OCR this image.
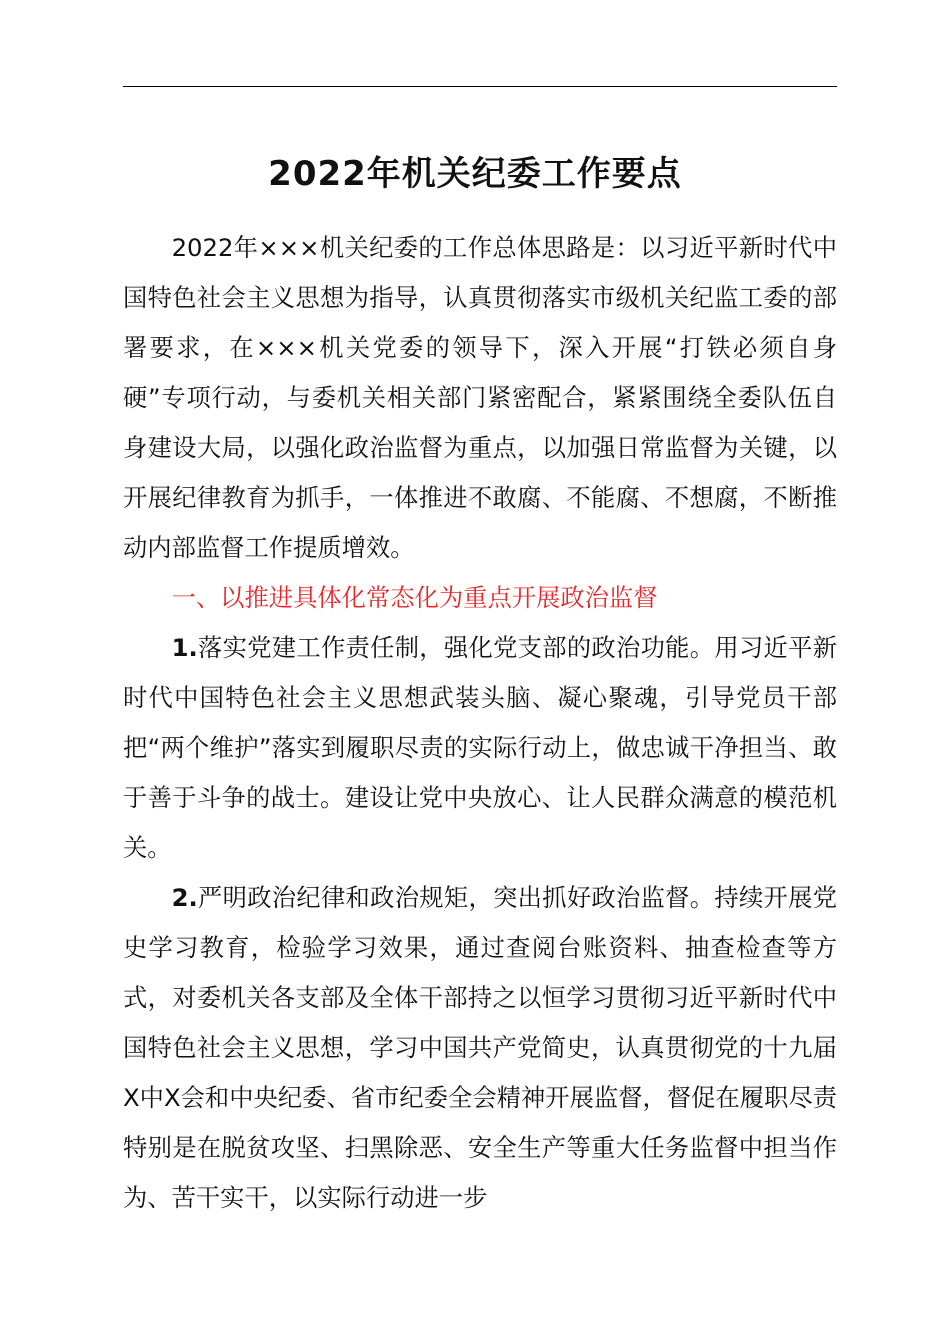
2022年机关纪委工作要点

2022年×××机关纪委的工作总体思路是：以习近平新时代中国特色社会主义思想为指导，认真贯彻落实市级机关纪监工委的部署要求，在×××机关党委的领导下，深入开展“打铁必须自身硬”专项行动，与委机关相关部门紧密配合，紧紧围绕全委队伍自身建设大局，以强化政治监督为重点，以加强日常监督为关键，以开展纪律教育为抓手，一体推进不敢腐、不能腐、不想腐，不断推动内部监督工作提质增效。

一、以推进具体化常态化为重点开展政治监督

1.落实党建工作责任制，强化党支部的政治功能。用习近平新时代中国特色社会主义思想武装头脑、凝心聚魂，引导党员干部把“两个维护”落实到履职尽责的实际行动上，做忠诚干净担当、敢于善于斗争的战士。建设让党中央放心、让人民群众满意的模范机关。

2.严明政治纪律和政治规矩，突出抓好政治监督。持续开展党史学习教育，检验学习效果，通过查阅台账资料、抽查检查等方式，对委机关各支部及全体干部持之以恒学习贯彻习近平新时代中国特色社会主义思想，学习中国共产党简史，认真贯彻党的十九届X中X会和中央纪委、省市纪委全会精神开展监督，督促在履职尽责特别是在脱贫攻坚、扫黑除恶、安全生产等重大任务监督中担当作为、苦干实干，以实际行动进一步
